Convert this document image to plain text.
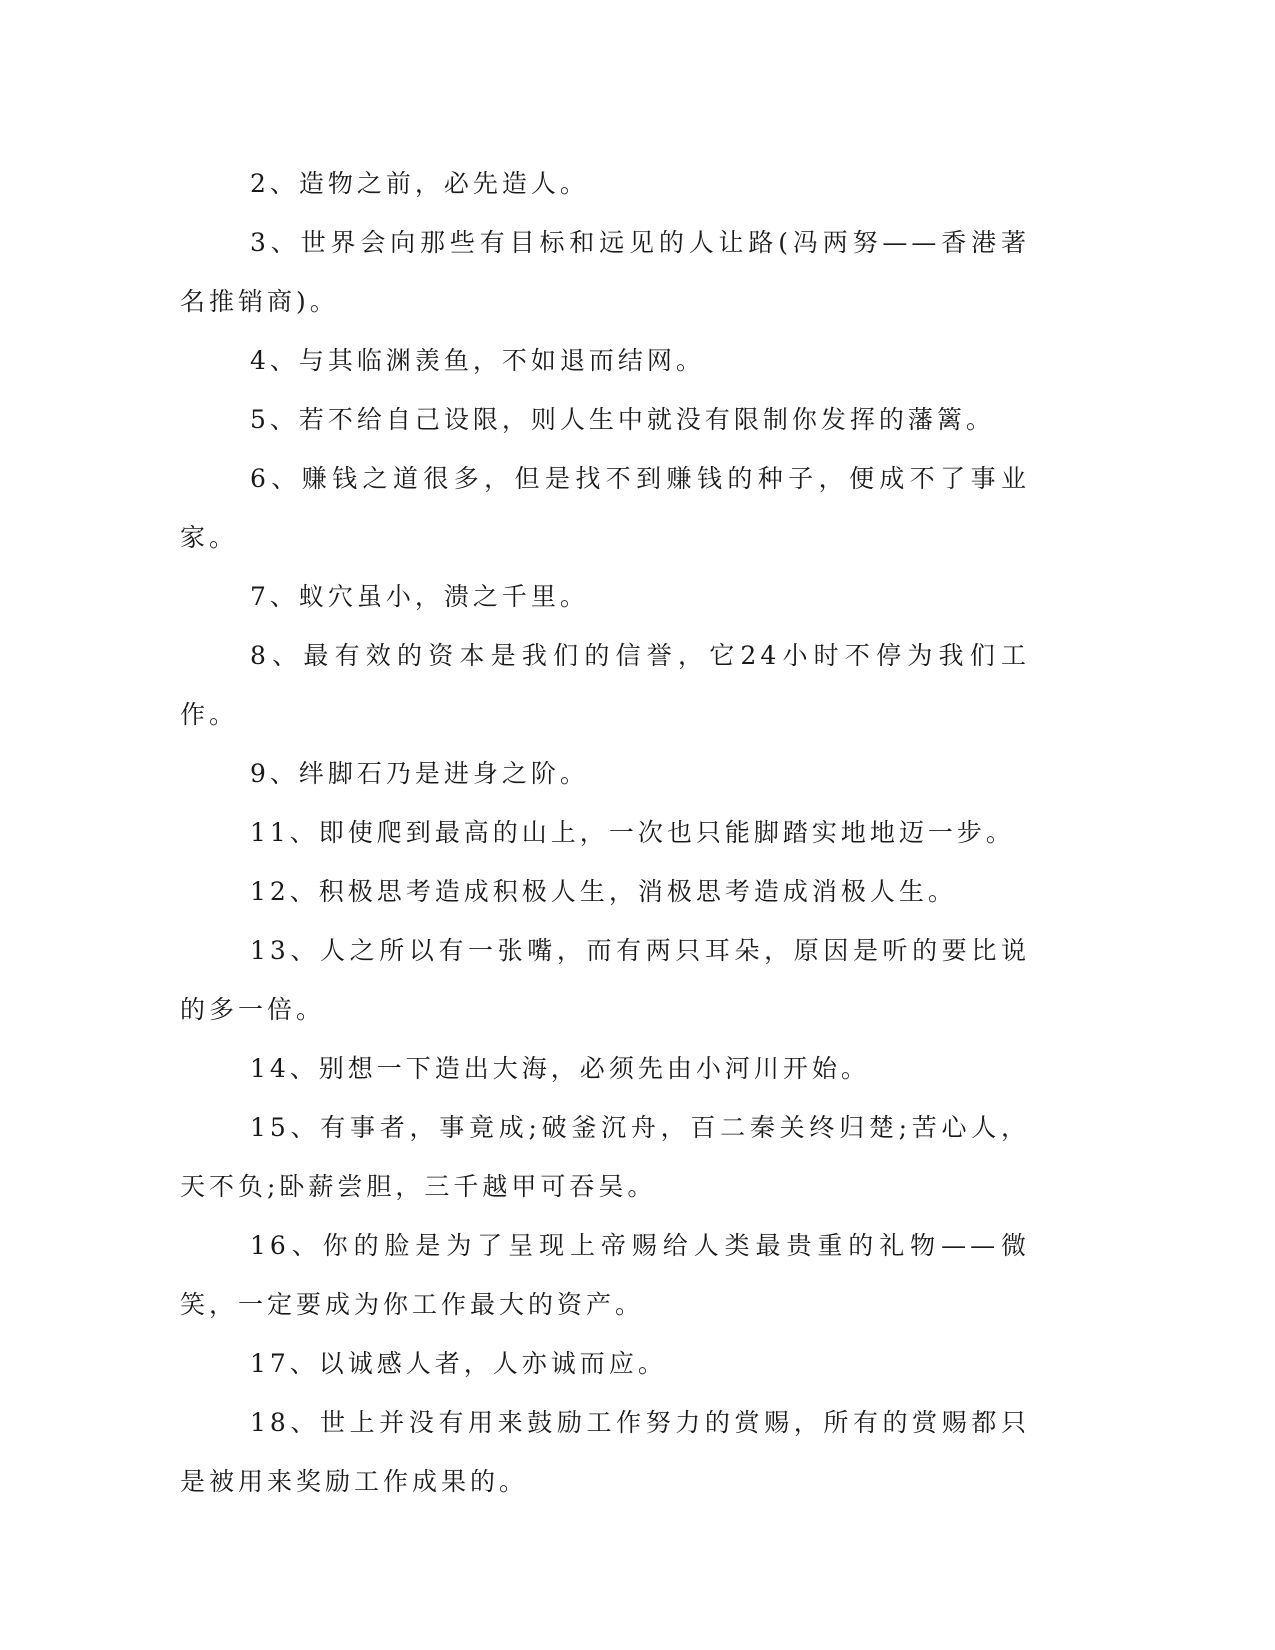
2、造物之前，必先造人。

3、世界会向那些有目标和远见的人让路(冯两努——香港著名推销商)。

4、与其临渊羡鱼，不如退而结网。

5、若不给自己设限，则人生中就没有限制你发挥的藩篱。

6、赚钱之道很多，但是找不到赚钱的种子，便成不了事业家。

7、蚁穴虽小，溃之千里。

8、最有效的资本是我们的信誉，它24小时不停为我们工作。

9、绊脚石乃是进身之阶。

11、即使爬到最高的山上，一次也只能脚踏实地地迈一步。

12、积极思考造成积极人生，消极思考造成消极人生。

13、人之所以有一张嘴，而有两只耳朵，原因是听的要比说的多一倍。

14、别想一下造出大海，必须先由小河川开始。

15、有事者，事竟成;破釜沉舟，百二秦关终归楚;苦心人，天不负;卧薪尝胆，三千越甲可吞吴。

16、你的脸是为了呈现上帝赐给人类最贵重的礼物——微笑，一定要成为你工作最大的资产。

17、以诚感人者，人亦诚而应。

18、世上并没有用来鼓励工作努力的赏赐，所有的赏赐都只是被用来奖励工作成果的。
